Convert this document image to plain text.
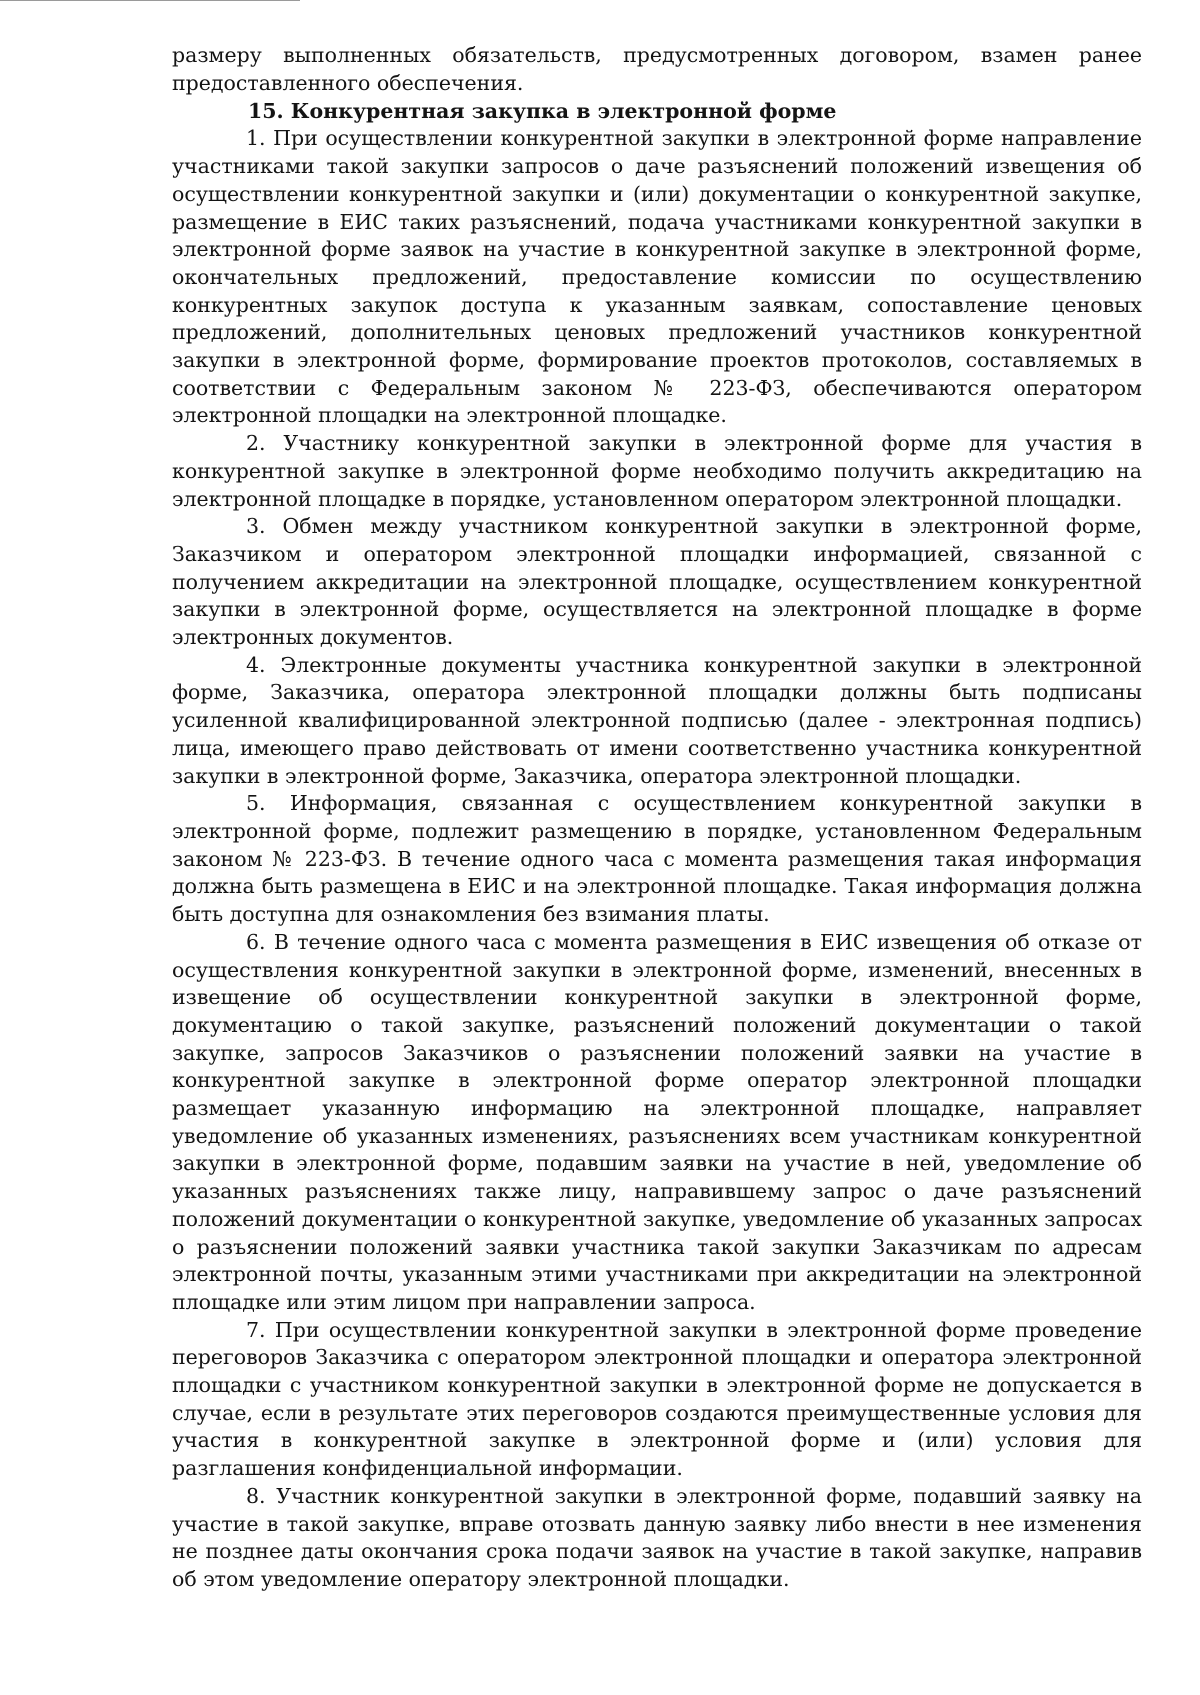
размеру выполненных обязательств, предусмотренных договором, взамен ранее предоставленного обеспечения.

15. Конкурентная закупка в электронной форме

1. При осуществлении конкурентной закупки в электронной форме направление участниками такой закупки запросов о даче разъяснений положений извещения об осуществлении конкурентной закупки и (или) документации о конкурентной закупке, размещение в ЕИС таких разъяснений, подача участниками конкурентной закупки в электронной форме заявок на участие в конкурентной закупке в электронной форме, окончательных предложений, предоставление комиссии по осуществлению конкурентных закупок доступа к указанным заявкам, сопоставление ценовых предложений, дополнительных ценовых предложений участников конкурентной закупки в электронной форме, формирование проектов протоколов, составляемых в соответствии с Федеральным законом № 223-ФЗ, обеспечиваются оператором электронной площадки на электронной площадке.

2. Участнику конкурентной закупки в электронной форме для участия в конкурентной закупке в электронной форме необходимо получить аккредитацию на электронной площадке в порядке, установленном оператором электронной площадки.

3. Обмен между участником конкурентной закупки в электронной форме, Заказчиком и оператором электронной площадки информацией, связанной с получением аккредитации на электронной площадке, осуществлением конкурентной закупки в электронной форме, осуществляется на электронной площадке в форме электронных документов.

4. Электронные документы участника конкурентной закупки в электронной форме, Заказчика, оператора электронной площадки должны быть подписаны усиленной квалифицированной электронной подписью (далее - электронная подпись) лица, имеющего право действовать от имени соответственно участника конкурентной закупки в электронной форме, Заказчика, оператора электронной площадки.

5. Информация, связанная с осуществлением конкурентной закупки в электронной форме, подлежит размещению в порядке, установленном Федеральным законом № 223-ФЗ. В течение одного часа с момента размещения такая информация должна быть размещена в ЕИС и на электронной площадке. Такая информация должна быть доступна для ознакомления без взимания платы.

6. В течение одного часа с момента размещения в ЕИС извещения об отказе от осуществления конкурентной закупки в электронной форме, изменений, внесенных в извещение об осуществлении конкурентной закупки в электронной форме, документацию о такой закупке, разъяснений положений документации о такой закупке, запросов Заказчиков о разъяснении положений заявки на участие в конкурентной закупке в электронной форме оператор электронной площадки размещает указанную информацию на электронной площадке, направляет уведомление об указанных изменениях, разъяснениях всем участникам конкурентной закупки в электронной форме, подавшим заявки на участие в ней, уведомление об указанных разъяснениях также лицу, направившему запрос о даче разъяснений положений документации о конкурентной закупке, уведомление об указанных запросах о разъяснении положений заявки участника такой закупки Заказчикам по адресам электронной почты, указанным этими участниками при аккредитации на электронной площадке или этим лицом при направлении запроса.

7. При осуществлении конкурентной закупки в электронной форме проведение переговоров Заказчика с оператором электронной площадки и оператора электронной площадки с участником конкурентной закупки в электронной форме не допускается в случае, если в результате этих переговоров создаются преимущественные условия для участия в конкурентной закупке в электронной форме и (или) условия для разглашения конфиденциальной информации.

8. Участник конкурентной закупки в электронной форме, подавший заявку на участие в такой закупке, вправе отозвать данную заявку либо внести в нее изменения не позднее даты окончания срока подачи заявок на участие в такой закупке, направив об этом уведомление оператору электронной площадки.
